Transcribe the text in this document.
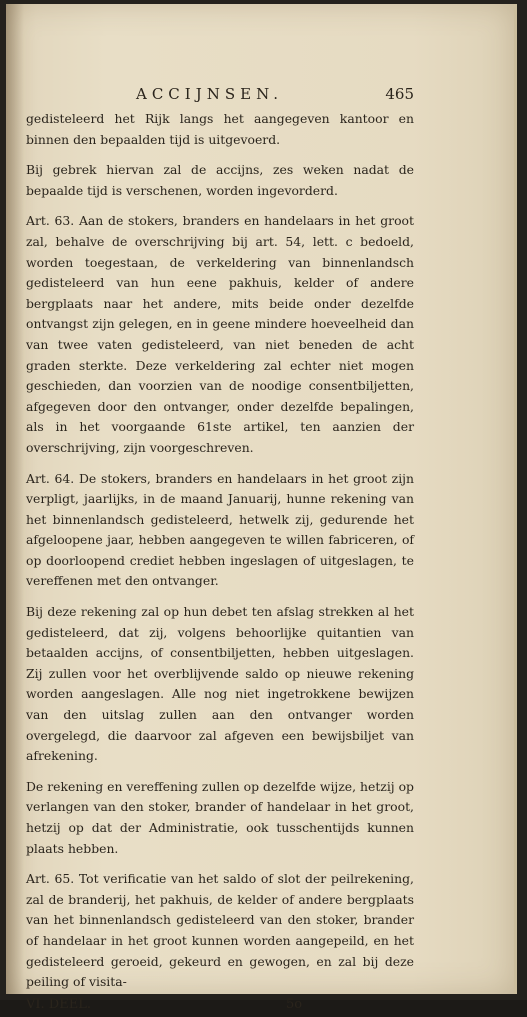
ACCIJNSEN.	465

gedisteleerd het Rijk langs het aangegeven kantoor en binnen den bepaalden tijd is uitgevoerd.

Bij gebrek hiervan zal de accijns, zes weken nadat de bepaalde tijd is verschenen, worden ingevorderd.

Art. 63. Aan de stokers, branders en handelaars in het groot zal, behalve de overschrijving bij art. 54, lett. c bedoeld, worden toegestaan, de verkeldering van binnenlandsch gedisteleerd van hun eene pakhuis, kelder of andere bergplaats naar het andere, mits beide onder dezelfde ontvangst zijn gelegen, en in geene mindere hoeveelheid dan van twee vaten gedisteleerd, van niet beneden de acht graden sterkte. Deze verkeldering zal echter niet mogen geschieden, dan voorzien van de noodige consentbiljetten, afgegeven door den ontvanger, onder dezelfde bepalingen, als in het voorgaande 61ste artikel, ten aanzien der overschrijving, zijn voorgeschreven.

Art. 64. De stokers, branders en handelaars in het groot zijn verpligt, jaarlijks, in de maand Januarij, hunne rekening van het binnenlandsch gedisteleerd, hetwelk zij, gedurende het afgeloopene jaar, hebben aangegeven te willen fabriceren, of op doorloopend crediet hebben ingeslagen of uitgeslagen, te vereffenen met den ontvanger.

Bij deze rekening zal op hun debet ten afslag strekken al het gedisteleerd, dat zij, volgens behoorlijke quitantien van betaalden accijns, of consentbiljetten, hebben uitgeslagen. Zij zullen voor het overblijvende saldo op nieuwe rekening worden aangeslagen. Alle nog niet ingetrokkene bewijzen van den uitslag zullen aan den ontvanger worden overgelegd, die daarvoor zal afgeven een bewijsbiljet van afrekening.

De rekening en vereffening zullen op dezelfde wijze, hetzij op verlangen van den stoker, brander of handelaar in het groot, hetzij op dat der Administratie, ook tusschentijds kunnen plaats hebben.

Art. 65. Tot verificatie van het saldo of slot der peilrekening, zal de branderij, het pakhuis, de kelder of andere bergplaats van het binnenlandsch gedisteleerd van den stoker, brander of handelaar in het groot kunnen worden aangepeild, en het gedisteleerd geroeid, gekeurd en gewogen, en zal bij deze peiling of visita-

VI. DEEL.	5o
